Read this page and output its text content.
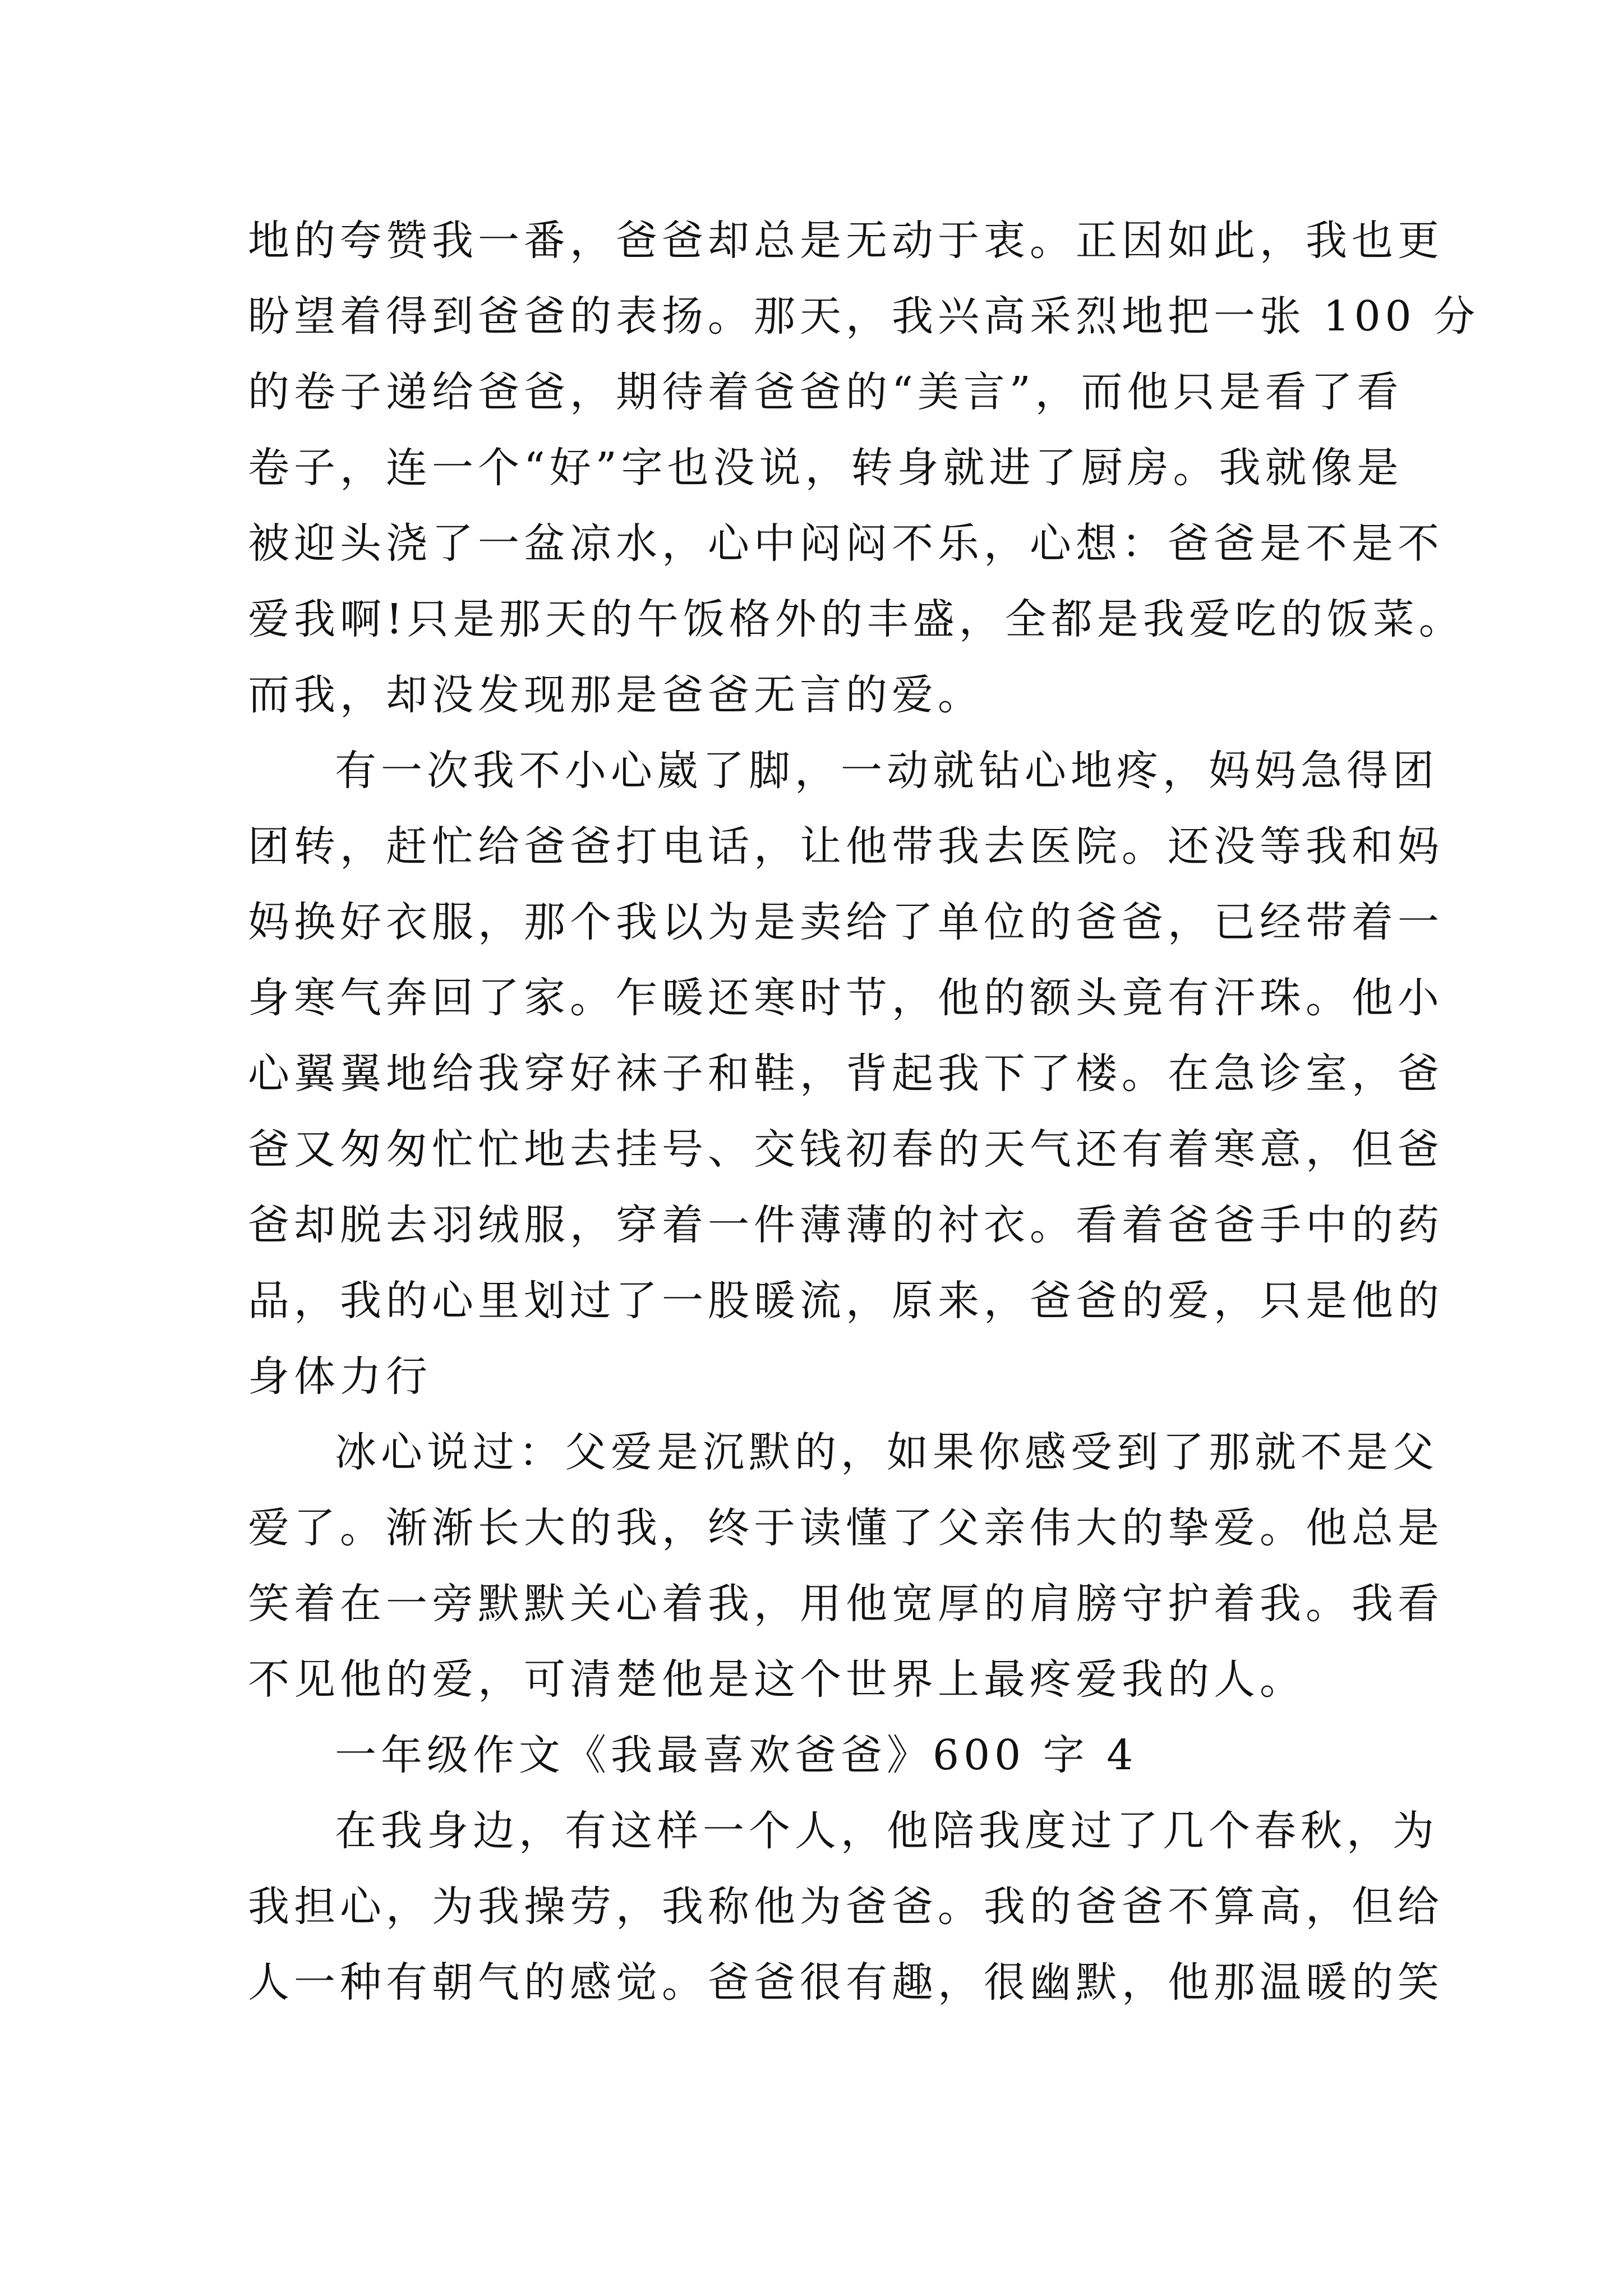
地的夸赞我一番，爸爸却总是无动于衷。正因如此，我也更
盼望着得到爸爸的表扬。那天，我兴高采烈地把一张 100 分
的卷子递给爸爸，期待着爸爸的“美言”，而他只是看了看
卷子，连一个“好”字也没说，转身就进了厨房。我就像是
被迎头浇了一盆凉水，心中闷闷不乐，心想：爸爸是不是不
爱我啊!只是那天的午饭格外的丰盛，全都是我爱吃的饭菜。
而我，却没发现那是爸爸无言的爱。
有一次我不小心崴了脚，一动就钻心地疼，妈妈急得团
团转，赶忙给爸爸打电话，让他带我去医院。还没等我和妈
妈换好衣服，那个我以为是卖给了单位的爸爸，已经带着一
身寒气奔回了家。乍暖还寒时节，他的额头竟有汗珠。他小
心翼翼地给我穿好袜子和鞋，背起我下了楼。在急诊室，爸
爸又匆匆忙忙地去挂号、交钱初春的天气还有着寒意，但爸
爸却脱去羽绒服，穿着一件薄薄的衬衣。看着爸爸手中的药
品，我的心里划过了一股暖流，原来，爸爸的爱，只是他的
身体力行
冰心说过：父爱是沉默的，如果你感受到了那就不是父
爱了。渐渐长大的我，终于读懂了父亲伟大的挚爱。他总是
笑着在一旁默默关心着我，用他宽厚的肩膀守护着我。我看
不见他的爱，可清楚他是这个世界上最疼爱我的人。
一年级作文《我最喜欢爸爸》600 字 4
在我身边，有这样一个人，他陪我度过了几个春秋，为
我担心，为我操劳，我称他为爸爸。我的爸爸不算高，但给
人一种有朝气的感觉。爸爸很有趣，很幽默，他那温暖的笑
